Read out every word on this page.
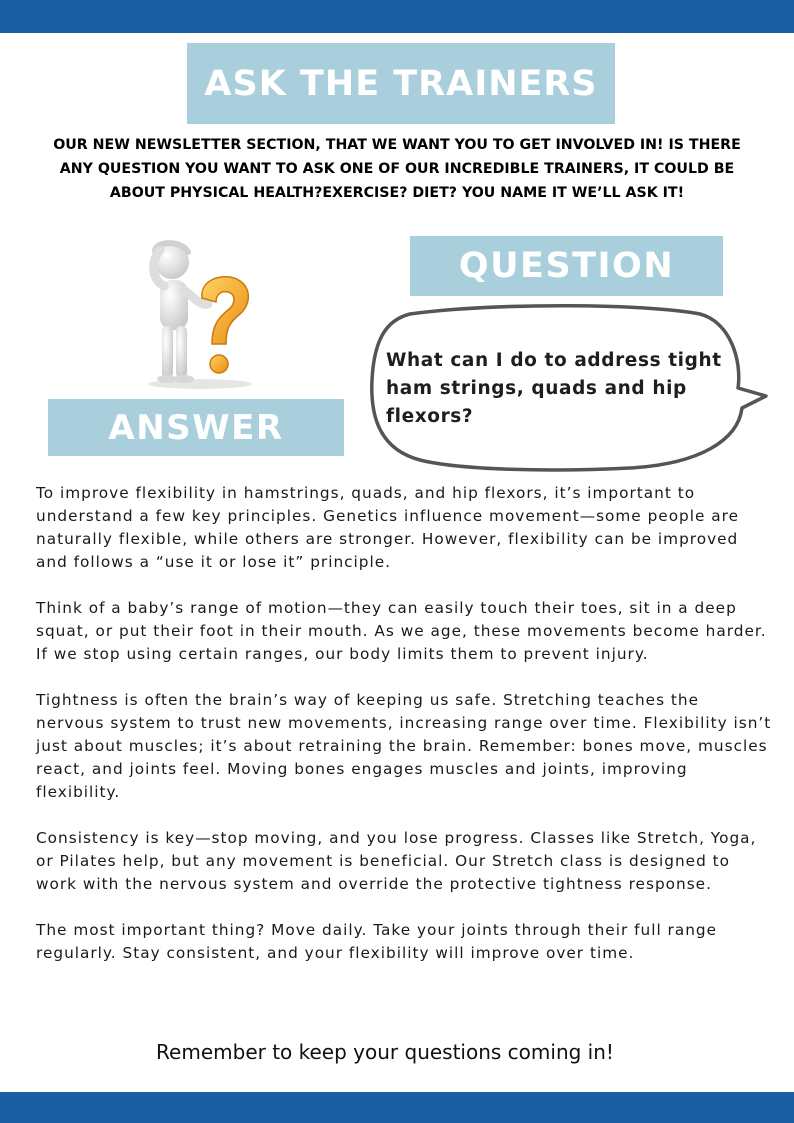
ASK THE TRAINERS
OUR NEW NEWSLETTER SECTION, THAT WE WANT YOU TO GET INVOLVED IN! IS THERE ANY QUESTION YOU WANT TO ASK ONE OF OUR INCREDIBLE TRAINERS, IT COULD BE ABOUT PHYSICAL HEALTH?EXERCISE? DIET? YOU NAME IT WE’LL ASK IT!
QUESTION
What can I do to address tight ham strings, quads and hip flexors?
ANSWER

To improve flexibility in hamstrings, quads, and hip flexors, it’s important to understand a few key principles. Genetics influence movement—some people are naturally flexible, while others are stronger. However, flexibility can be improved and follows a “use it or lose it” principle.

Think of a baby’s range of motion—they can easily touch their toes, sit in a deep squat, or put their foot in their mouth. As we age, these movements become harder. If we stop using certain ranges, our body limits them to prevent injury.

Tightness is often the brain’s way of keeping us safe. Stretching teaches the nervous system to trust new movements, increasing range over time. Flexibility isn’t just about muscles; it’s about retraining the brain. Remember: bones move, muscles react, and joints feel. Moving bones engages muscles and joints, improving flexibility.

Consistency is key—stop moving, and you lose progress. Classes like Stretch, Yoga, or Pilates help, but any movement is beneficial. Our Stretch class is designed to work with the nervous system and override the protective tightness response.

The most important thing? Move daily. Take your joints through their full range regularly. Stay consistent, and your flexibility will improve over time.

Remember to keep your questions coming in!
